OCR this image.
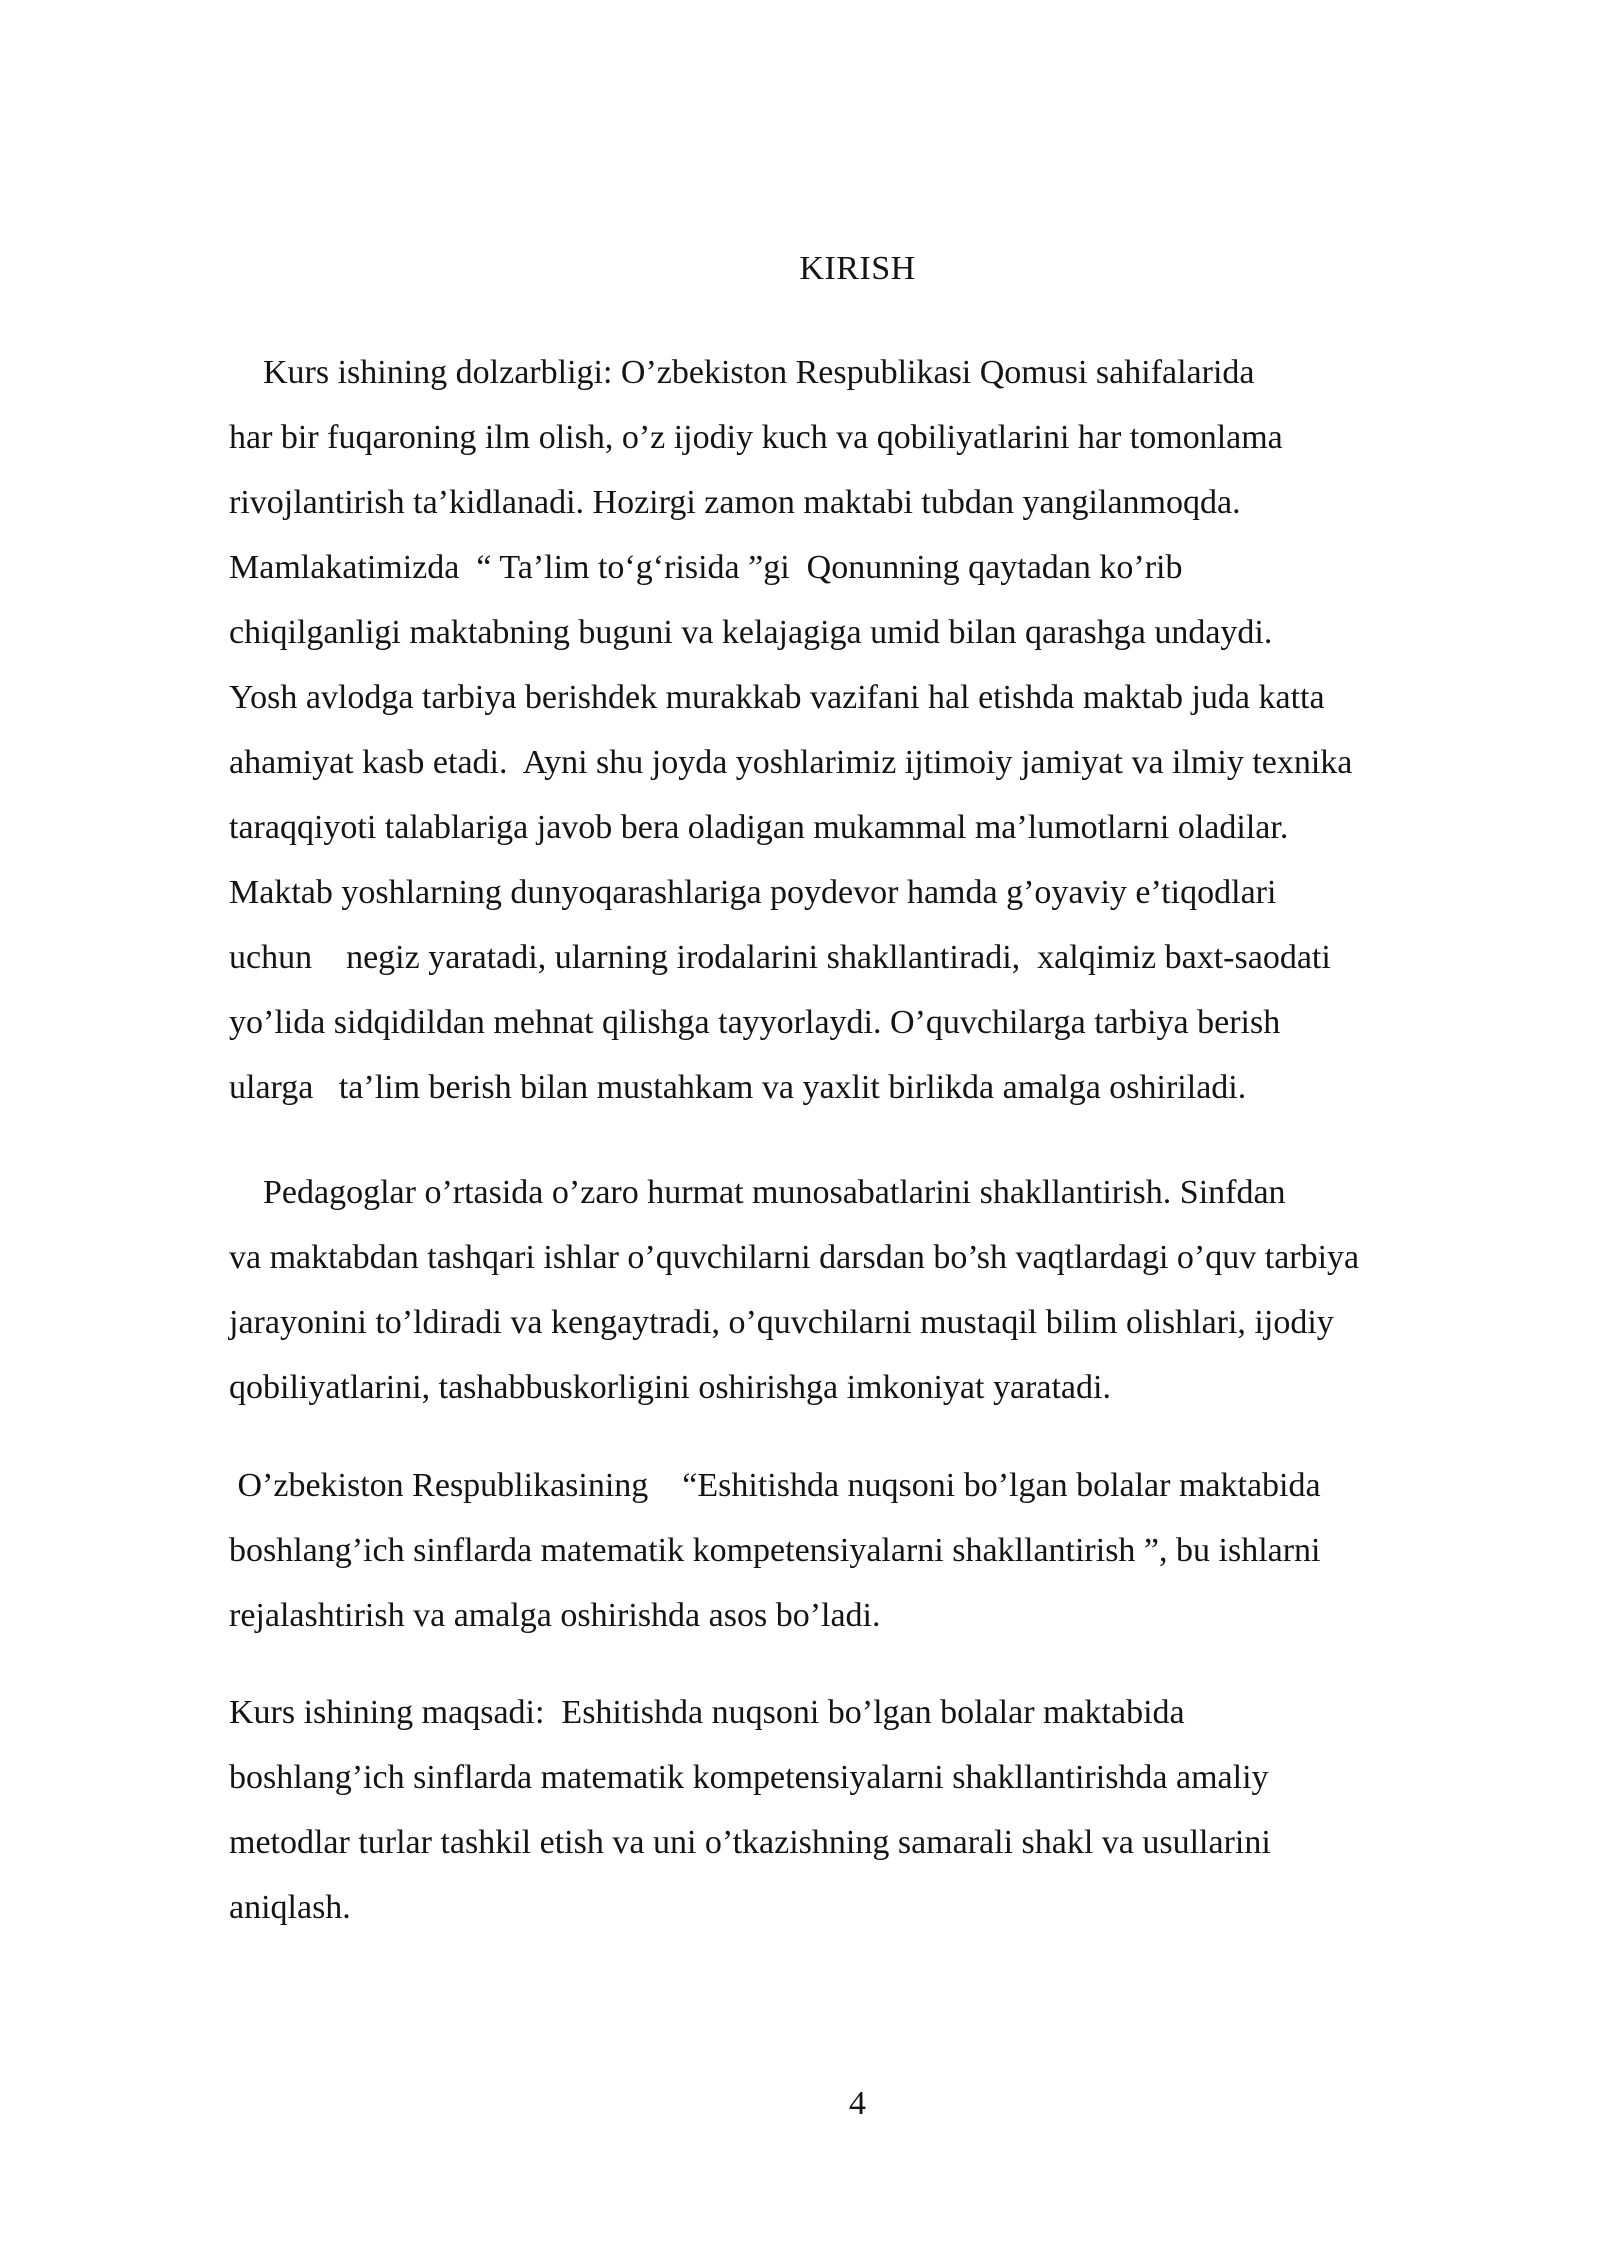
KIRISH

Kurs ishining dolzarbligi: O’zbekiston Respublikasi Qomusi sahifalarida
har bir fuqaroning ilm olish, o’z ijodiy kuch va qobiliyatlarini har tomonlama
rivojlantirish ta’kidlanadi. Hozirgi zamon maktabi tubdan yangilanmoqda.
Mamlakatimizda  “ Ta’lim to‘g‘risida ”gi  Qonunning qaytadan ko’rib
chiqilganligi maktabning buguni va kelajagiga umid bilan qarashga undaydi.
Yosh avlodga tarbiya berishdek murakkab vazifani hal etishda maktab juda katta
ahamiyat kasb etadi.  Ayni shu joyda yoshlarimiz ijtimoiy jamiyat va ilmiy texnika
taraqqiyoti talablariga javob bera oladigan mukammal ma’lumotlarni oladilar.
Maktab yoshlarning dunyoqarashlariga poydevor hamda g’oyaviy e’tiqodlari
uchun    negiz yaratadi, ularning irodalarini shakllantiradi,  xalqimiz baxt-saodati
yo’lida sidqidildan mehnat qilishga tayyorlaydi. O’quvchilarga tarbiya berish
ularga   ta’lim berish bilan mustahkam va yaxlit birlikda amalga oshiriladi.

Pedagoglar o’rtasida o’zaro hurmat munosabatlarini shakllantirish. Sinfdan
va maktabdan tashqari ishlar o’quvchilarni darsdan bo’sh vaqtlardagi o’quv tarbiya
jarayonini to’ldiradi va kengaytradi, o’quvchilarni mustaqil bilim olishlari, ijodiy
qobiliyatlarini, tashabbuskorligini oshirishga imkoniyat yaratadi.

O’zbekiston Respublikasining    “Eshitishda nuqsoni bo’lgan bolalar maktabida
boshlang’ich sinflarda matematik kompetensiyalarni shakllantirish ”, bu ishlarni
rejalashtirish va amalga oshirishda asos bo’ladi.

Kurs ishining maqsadi:  Eshitishda nuqsoni bo’lgan bolalar maktabida
boshlang’ich sinflarda matematik kompetensiyalarni shakllantirishda amaliy
metodlar turlar tashkil etish va uni o’tkazishning samarali shakl va usullarini
aniqlash.

4
